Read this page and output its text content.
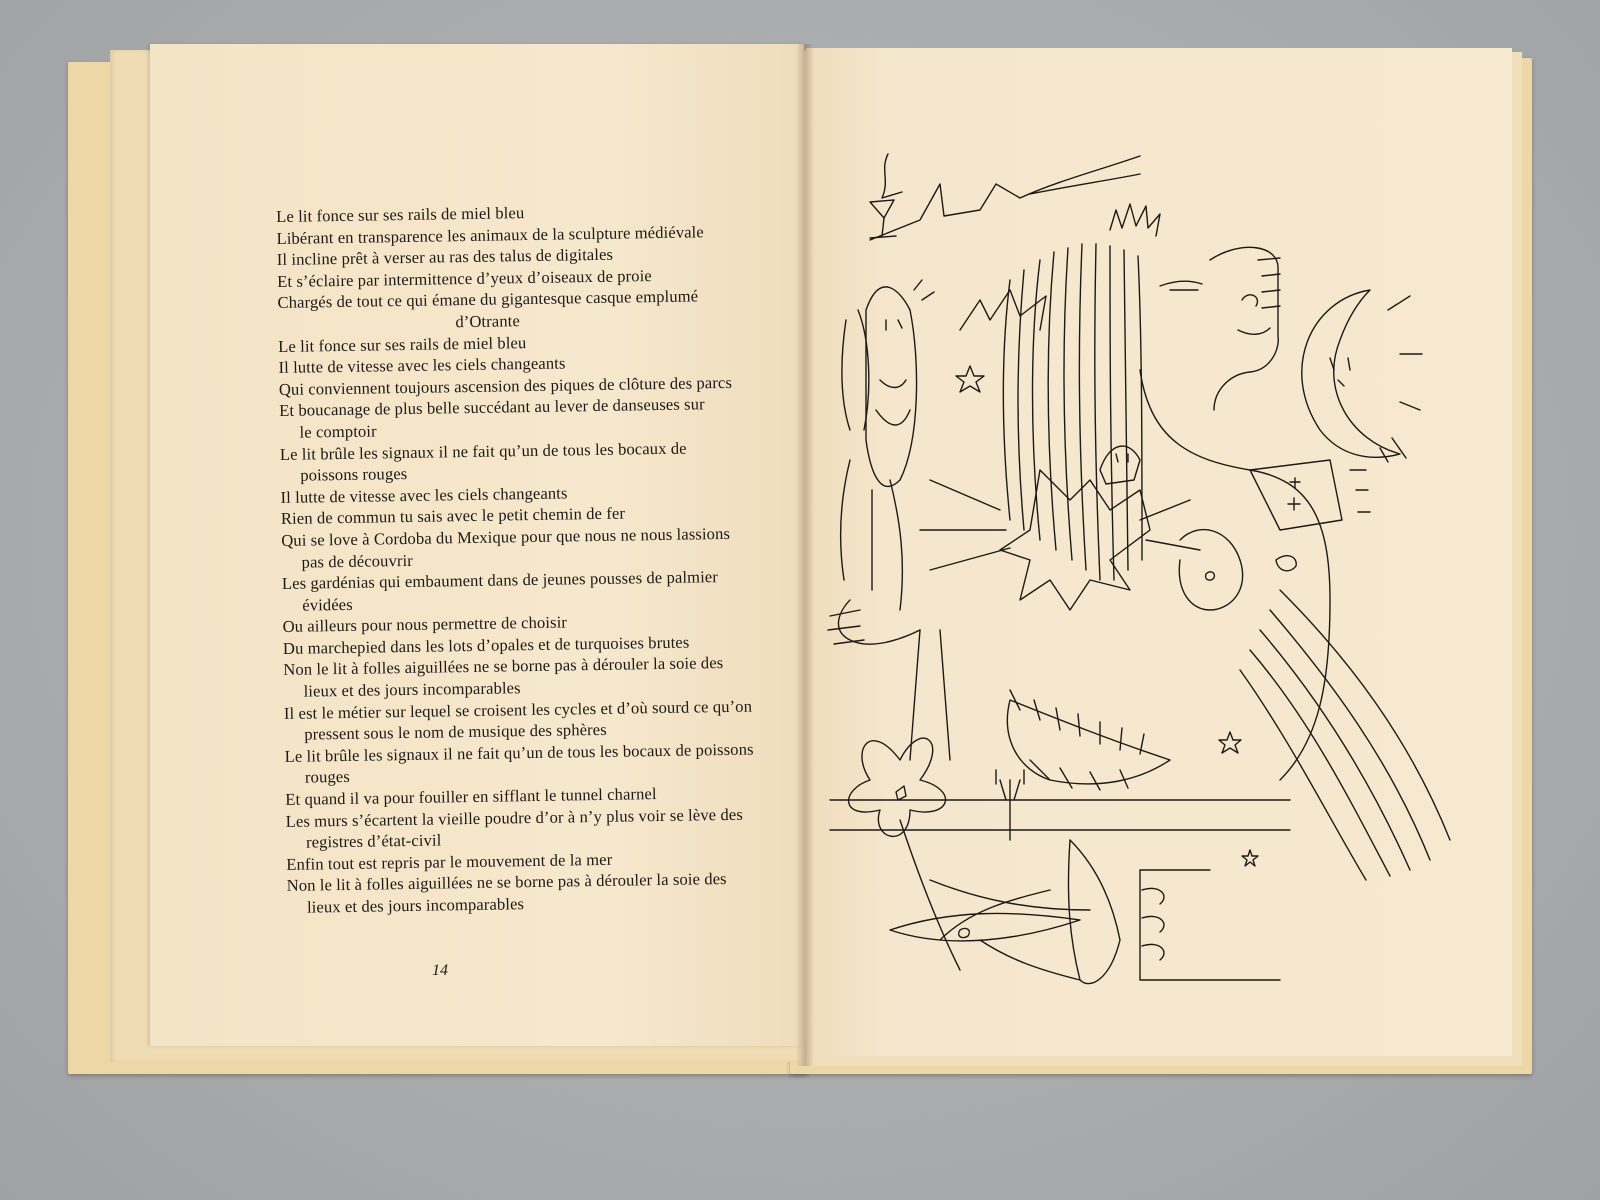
Le lit fonce sur ses rails de miel bleu
Libérant en transparence les animaux de la sculpture médiévale
Il incline prêt à verser au ras des talus de digitales
Et s’éclaire par intermittence d’yeux d’oiseaux de proie
Chargés de tout ce qui émane du gigantesque casque emplumé
d’Otrante
Le lit fonce sur ses rails de miel bleu
Il lutte de vitesse avec les ciels changeants
Qui conviennent toujours ascension des piques de clôture des parcs
Et boucanage de plus belle succédant au lever de danseuses sur
le comptoir
Le lit brûle les signaux il ne fait qu’un de tous les bocaux de
poissons rouges
Il lutte de vitesse avec les ciels changeants
Rien de commun tu sais avec le petit chemin de fer
Qui se love à Cordoba du Mexique pour que nous ne nous lassions
pas de découvrir
Les gardénias qui embaument dans de jeunes pousses de palmier
évidées
Ou ailleurs pour nous permettre de choisir
Du marchepied dans les lots d’opales et de turquoises brutes
Non le lit à folles aiguillées ne se borne pas à dérouler la soie des
lieux et des jours incomparables
Il est le métier sur lequel se croisent les cycles et d’où sourd ce qu’on
pressent sous le nom de musique des sphères
Le lit brûle les signaux il ne fait qu’un de tous les bocaux de poissons
rouges
Et quand il va pour fouiller en sifflant le tunnel charnel
Les murs s’écartent la vieille poudre d’or à n’y plus voir se lève des
registres d’état-civil
Enfin tout est repris par le mouvement de la mer
Non le lit à folles aiguillées ne se borne pas à dérouler la soie des
lieux et des jours incomparables
14
